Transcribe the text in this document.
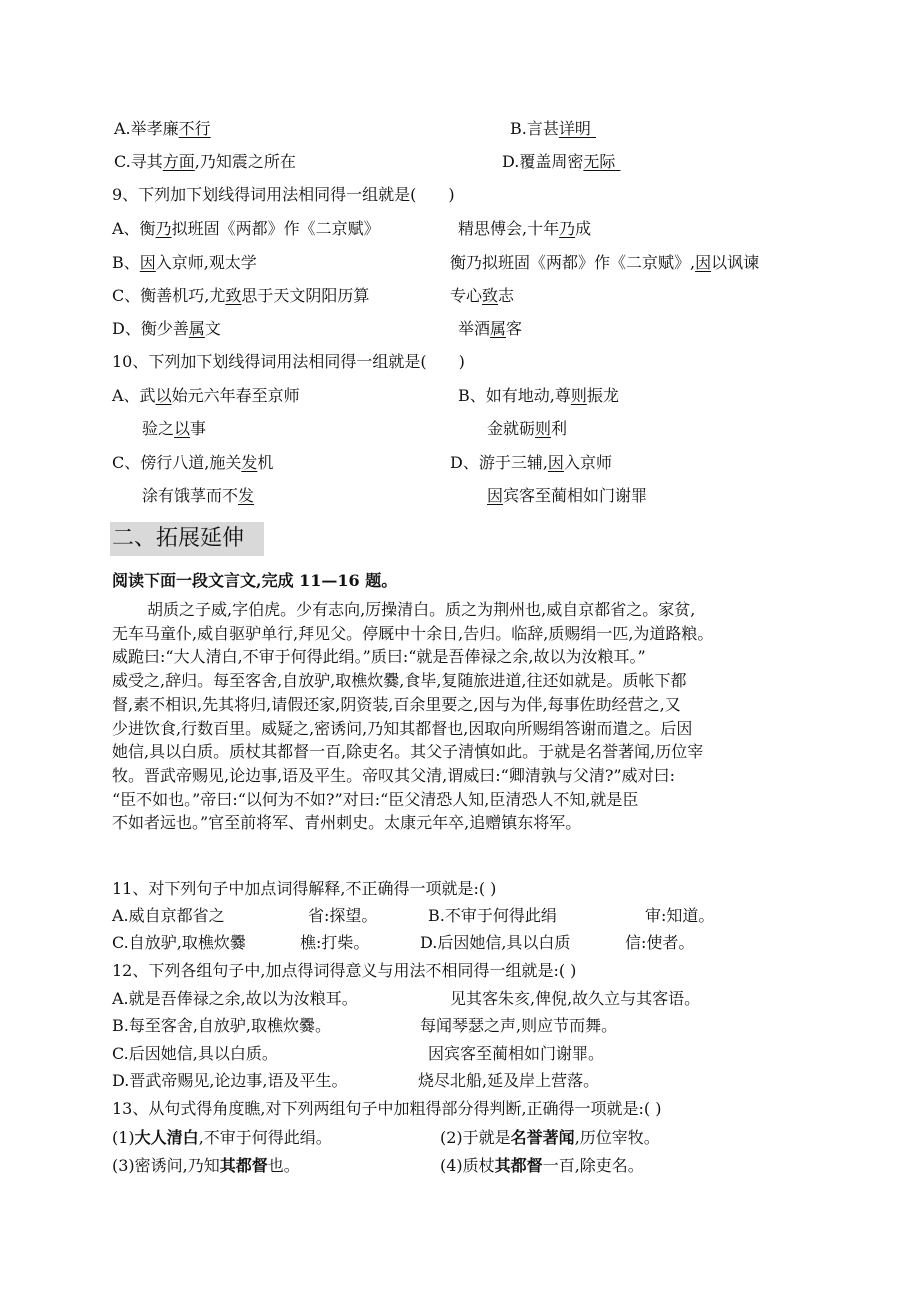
A.举孝廉不行	B.言甚详明
C.寻其方面,乃知震之所在	D.覆盖周密无际
9、下列加下划线得词用法相同得一组就是(　　)
A、衡乃拟班固《两都》作《二京赋》	精思傅会,十年乃成
B、因入京师,观太学	衡乃拟班固《两都》作《二京赋》,因以讽谏
C、衡善机巧,尤致思于天文阴阳历算	专心致志
D、衡少善属文	举酒属客
10、下列加下划线得词用法相同得一组就是(　　)
A、武以始元六年春至京师	B、如有地动,尊则振龙
验之以事	金就砺则利
C、傍行八道,施关发机	D、游于三辅,因入京师
涂有饿莩而不发	因宾客至蔺相如门谢罪
二、拓展延伸
阅读下面一段文言文,完成 11—16 题。
胡质之子威,字伯虎。少有志向,厉操清白。质之为荆州也,威自京都省之。家贫,
无车马童仆,威自驱驴单行,拜见父。停厩中十余日,告归。临辞,质赐绢一匹,为道路粮。
威跪曰:“大人清白,不审于何得此绢。”质曰:“就是吾俸禄之余,故以为汝粮耳。”
威受之,辞归。每至客舍,自放驴,取樵炊爨,食毕,复随旅进道,往还如就是。质帐下都
督,素不相识,先其将归,请假还家,阴资装,百余里要之,因与为伴,每事佐助经营之,又
少进饮食,行数百里。威疑之,密诱问,乃知其都督也,因取向所赐绢答谢而遣之。后因
她信,具以白质。质杖其都督一百,除吏名。其父子清慎如此。于就是名誉著闻,历位宰
牧。晋武帝赐见,论边事,语及平生。帝叹其父清,谓威曰:“卿清孰与父清?”威对曰:
“臣不如也。”帝曰:“以何为不如?”对曰:“臣父清恐人知,臣清恐人不知,就是臣
不如者远也。”官至前将军、青州刺史。太康元年卒,追赠镇东将军。
11、对下列句子中加点词得解释,不正确得一项就是:( )
A.威自京都省之	省:探望。	B.不审于何得此绢	审:知道。
C.自放驴,取樵炊爨	樵:打柴。	D.后因她信,具以白质	信:使者。
12、下列各组句子中,加点得词得意义与用法不相同得一组就是:( )
A.就是吾俸禄之余,故以为汝粮耳。	见其客朱亥,俾倪,故久立与其客语。
B.每至客舍,自放驴,取樵炊爨。	每闻琴瑟之声,则应节而舞。
C.后因她信,具以白质。	因宾客至蔺相如门谢罪。
D.晋武帝赐见,论边事,语及平生。	烧尽北船,延及岸上营落。
13、从句式得角度瞧,对下列两组句子中加粗得部分得判断,正确得一项就是:( )
(1)大人清白,不审于何得此绢。	(2)于就是名誉著闻,历位宰牧。
(3)密诱问,乃知其都督也。	(4)质杖其都督一百,除吏名。
